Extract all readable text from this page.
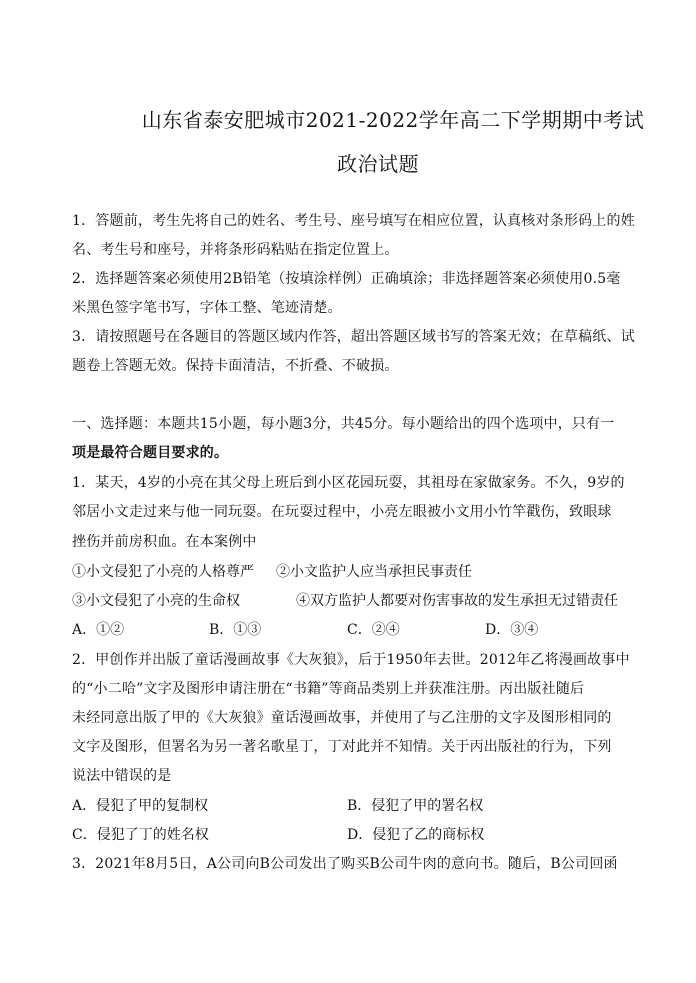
山东省泰安肥城市2021-2022学年高二下学期期中考试
政治试题
1．答题前，考生先将自己的姓名、考生号、座号填写在相应位置，认真核对条形码上的姓
名、考生号和座号，并将条形码粘贴在指定位置上。
2．选择题答案必须使用2B铅笔（按填涂样例）正确填涂；非选择题答案必须使用0.5毫
米黑色签字笔书写，字体工整、笔迹清楚。
3．请按照题号在各题目的答题区域内作答，超出答题区域书写的答案无效；在草稿纸、试
题卷上答题无效。保持卡面清洁，不折叠、不破损。
一、选择题：本题共15小题，每小题3分，共45分。每小题给出的四个选项中，只有一
项是最符合题目要求的。
1．某天，4岁的小亮在其父母上班后到小区花园玩耍，其祖母在家做家务。不久，9岁的
邻居小文走过来与他一同玩耍。在玩耍过程中，小亮左眼被小文用小竹竿戳伤，致眼球
挫伤并前房积血。在本案例中
①小文侵犯了小亮的人格尊严 ②小文监护人应当承担民事责任
③小文侵犯了小亮的生命权	④双方监护人都要对伤害事故的发生承担无过错责任
A．①②	B．①③	C．②④	D．③④
2．甲创作并出版了童话漫画故事《大灰狼》，后于1950年去世。2012年乙将漫画故事中
的“小二哈”文字及图形申请注册在“书籍”等商品类别上并获准注册。丙出版社随后
未经同意出版了甲的《大灰狼》童话漫画故事，并使用了与乙注册的文字及图形相同的
文字及图形，但署名为另一著名歌星丁，丁对此并不知情。关于丙出版社的行为，下列
说法中错误的是
A．侵犯了甲的复制权	B．侵犯了甲的署名权
C．侵犯了丁的姓名权	D．侵犯了乙的商标权
3．2021年8月5日，A公司向B公司发出了购买B公司牛肉的意向书。随后，B公司回函
